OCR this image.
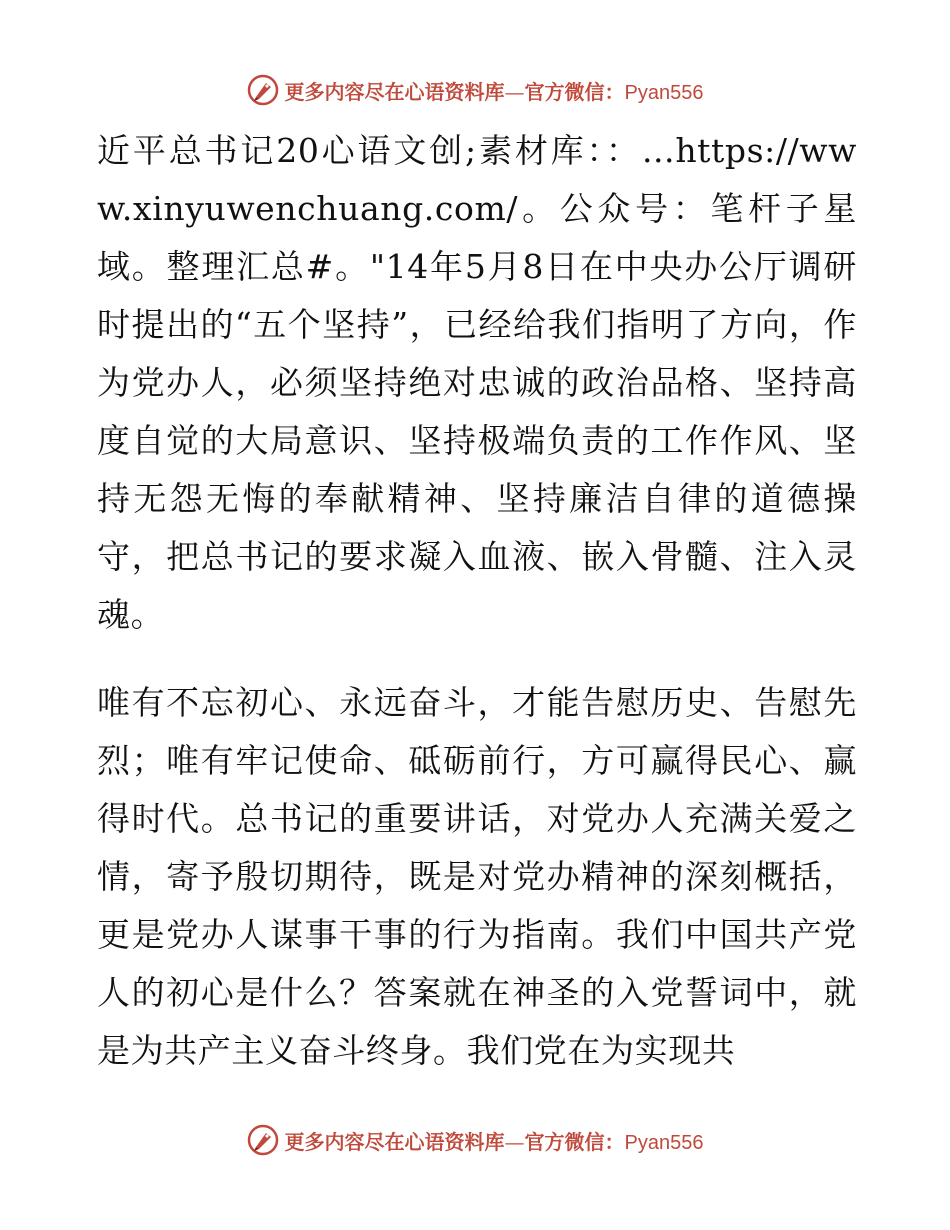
更多内容尽在心语资料库—官方微信：Pyan556

近平总书记20心语文创;素材库：：…https://www.xinyuwenchuang.com/。公众号：笔杆子星域。整理汇总#。"14年5月8日在中央办公厅调研时提出的“五个坚持”，已经给我们指明了方向，作为党办人，必须坚持绝对忠诚的政治品格、坚持高度自觉的大局意识、坚持极端负责的工作作风、坚持无怨无悔的奉献精神、坚持廉洁自律的道德操守，把总书记的要求凝入血液、嵌入骨髓、注入灵魂。

唯有不忘初心、永远奋斗，才能告慰历史、告慰先烈；唯有牢记使命、砥砺前行，方可赢得民心、赢得时代。总书记的重要讲话，对党办人充满关爱之情，寄予殷切期待，既是对党办精神的深刻概括，更是党办人谋事干事的行为指南。我们中国共产党人的初心是什么？答案就在神圣的入党誓词中，就是为共产主义奋斗终身。我们党在为实现共

更多内容尽在心语资料库—官方微信：Pyan556
